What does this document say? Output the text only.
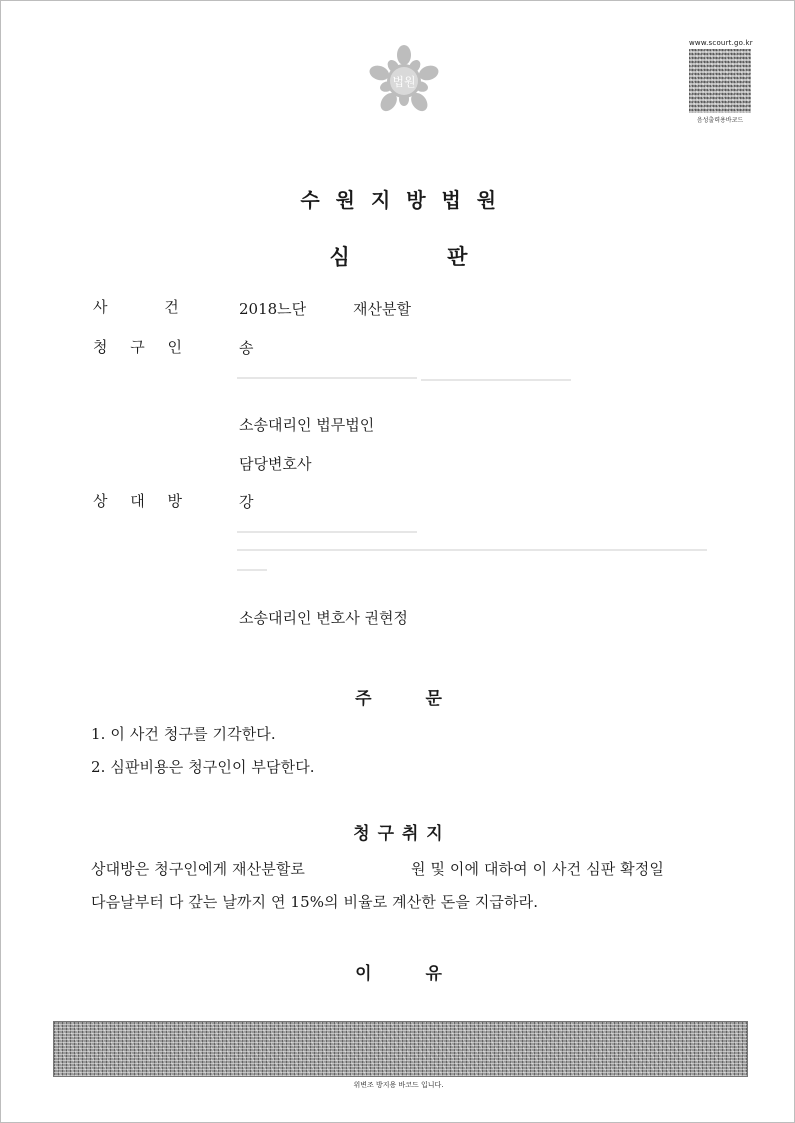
법원
www.scourt.go.kr
음성출력용바코드
수 원 지 방 법 원
심 판
사 건	2018느단	재산분할
청 구 인	송
소송대리인 법무법인
담당변호사
상 대 방	강
소송대리인 변호사 권현정
주 문
1. 이 사건 청구를 기각한다.
2. 심판비용은 청구인이 부담한다.
청 구 취 지
상대방은 청구인에게 재산분할로	원 및 이에 대하여 이 사건 심판 확정일
다음날부터 다 갚는 날까지 연 15%의 비율로 계산한 돈을 지급하라.
이 유
위변조 방지용 바코드 입니다.
